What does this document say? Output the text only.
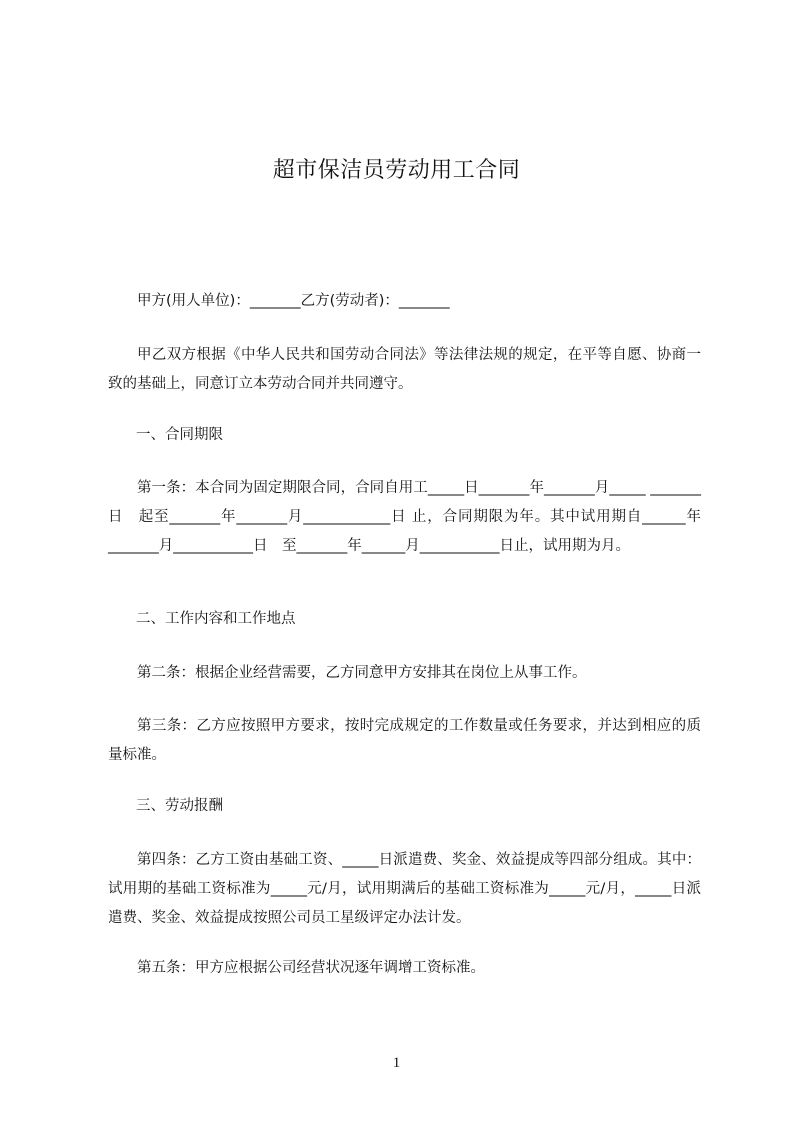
超市保洁员劳动用工合同

甲方(用人单位)：_______乙方(劳动者)：_______

甲乙双方根据《中华人民共和国劳动合同法》等法律法规的规定，在平等自愿、协商一致的基础上，同意订立本劳动合同并共同遵守。

一、合同期限

第一条：本合同为固定期限合同，合同自用工_____日_______年_______月_____ _______日　起至_______年_______月____________日 止，合同期限为年。其中试用期自______年_______月___________日　至_______年______月___________日止，试用期为月。

二、工作内容和工作地点

第二条：根据企业经营需要，乙方同意甲方安排其在岗位上从事工作。

第三条：乙方应按照甲方要求，按时完成规定的工作数量或任务要求，并达到相应的质量标准。

三、劳动报酬

第四条：乙方工资由基础工资、_____日派遣费、奖金、效益提成等四部分组成。其中：试用期的基础工资标准为_____元/月，试用期满后的基础工资标准为_____元/月，_____日派遣费、奖金、效益提成按照公司员工星级评定办法计发。

第五条：甲方应根据公司经营状况逐年调增工资标准。

1
